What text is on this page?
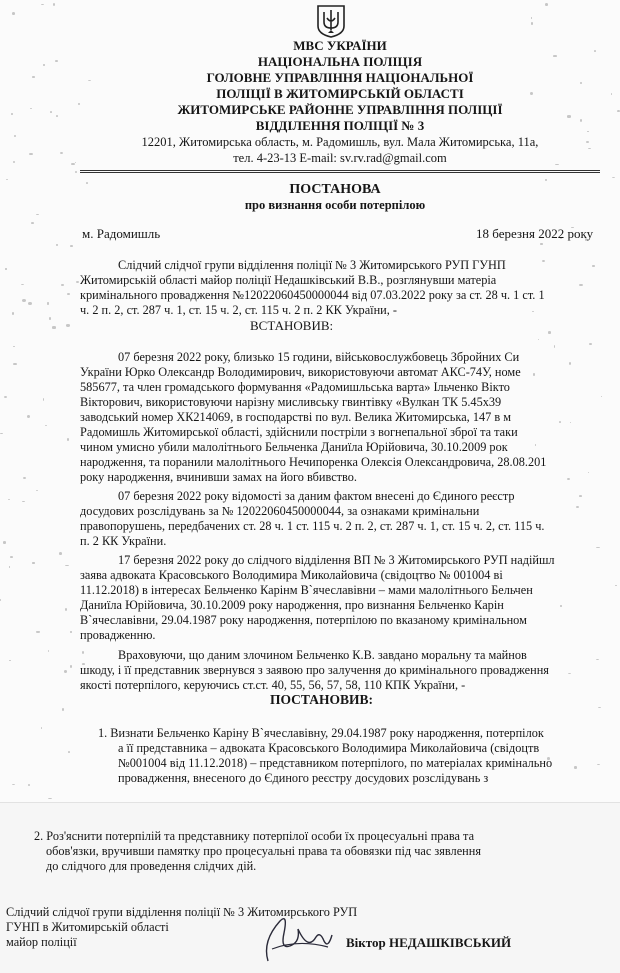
МВС УКРАЇНИ
НАЦІОНАЛЬНА ПОЛІЦІЯ
ГОЛОВНЕ УПРАВЛІННЯ НАЦІОНАЛЬНОЇ
ПОЛІЦІЇ В ЖИТОМИРСЬКІЙ ОБЛАСТІ
ЖИТОМИРСЬКЕ РАЙОННЕ УПРАВЛІННЯ ПОЛІЦІЇ
ВІДДІЛЕННЯ ПОЛІЦІЇ № 3
12201, Житомирська область, м. Радомишль, вул. Мала Житомирська, 11а,
тел. 4-23-13 E-mail: sv.rv.rad@gmail.com
ПОСТАНОВА
про визнання особи потерпілою
м. Радомишль	18 березня 2022 року
Слідчий слідчої групи відділення поліції № 3 Житомирського РУП ГУНП
Житомирській області майор поліції Недашківський В.В., розглянувши матеріа
кримінального провадження №12022060450000044 від 07.03.2022 року за ст. 28 ч. 1 ст. 1
ч. 2 п. 2, ст. 287 ч. 1, ст. 15 ч. 2, ст. 115 ч. 2 п. 2 КК України, -
ВСТАНОВИВ:
07 березня 2022 року, близько 15 години, військовослужбовець Збройних Си
України Юрко Олександр Володимирович, використовуючи автомат АКС-74У, номе
585677, та член громадського формування «Радомишльська варта» Ільченко Вікто
Вікторович, використовуючи нарізну мисливську гвинтівку «Вулкан ТК 5.45х39
заводський номер ХК214069, в господарстві по вул. Велика Житомирська, 147 в м
Радомишль Житомирської області, здійснили постріли з вогнепальної зброї та таки
чином умисно убили малолітнього Бельченка Даниїла Юрійовича, 30.10.2009 рок
народження, та поранили малолітнього Нечипоренка Олексія Олександровича, 28.08.201
року народження, вчинивши замах на його вбивство.
07 березня 2022 року відомості за даним фактом внесені до Єдиного реєстр
досудових розслідувань за № 12022060450000044, за ознаками кримінальни
правопорушень, передбачених ст. 28 ч. 1 ст. 115 ч. 2 п. 2, ст. 287 ч. 1, ст. 15 ч. 2, ст. 115 ч.
п. 2 КК України.
17 березня 2022 року до слідчого відділення ВП № 3 Житомирського РУП надійшл
заява адвоката Красовського Володимира Миколайовича (свідоцтво № 001004 ві
11.12.2018) в інтересах Бельченко Карінм В`ячеславівни – мами малолітнього Бельчен
Даниїла Юрійовича, 30.10.2009 року народження, про визнання Бельченко Карін
В`ячеславівни, 29.04.1987 року народження, потерпілою по вказаному кримінальном
провадженню.
Враховуючи, що даним злочином Бельченко К.В. завдано моральну та майнов
шкоду, і її представник звернувся з заявою про залучення до кримінального провадження
якості потерпілого, керуючись ст.ст. 40, 55, 56, 57, 58, 110 КПК України, -
ПОСТАНОВИВ:
1. Визнати Бельченко Каріну В`ячеславівну, 29.04.1987 року народження, потерпілок
а її представника – адвоката Красовського Володимира Миколайовича (свідоцтв
№001004 від 11.12.2018) – представником потерпілого, по матеріалах кримінально
провадження, внесеного до Єдиного реєстру досудових розслідувань з
2. Роз'яснити потерпілій та представнику потерпілої особи їх процесуальні права та
обов'язки, вручивши памятку про процесуальні права та обовязки під час зявлення
до слідчого для проведення слідчих дій.
Слідчий слідчої групи відділення поліції № 3 Житомирського РУП
ГУНП в Житомирській області
майор поліції	Віктор НЕДАШКІВСЬКИЙ
